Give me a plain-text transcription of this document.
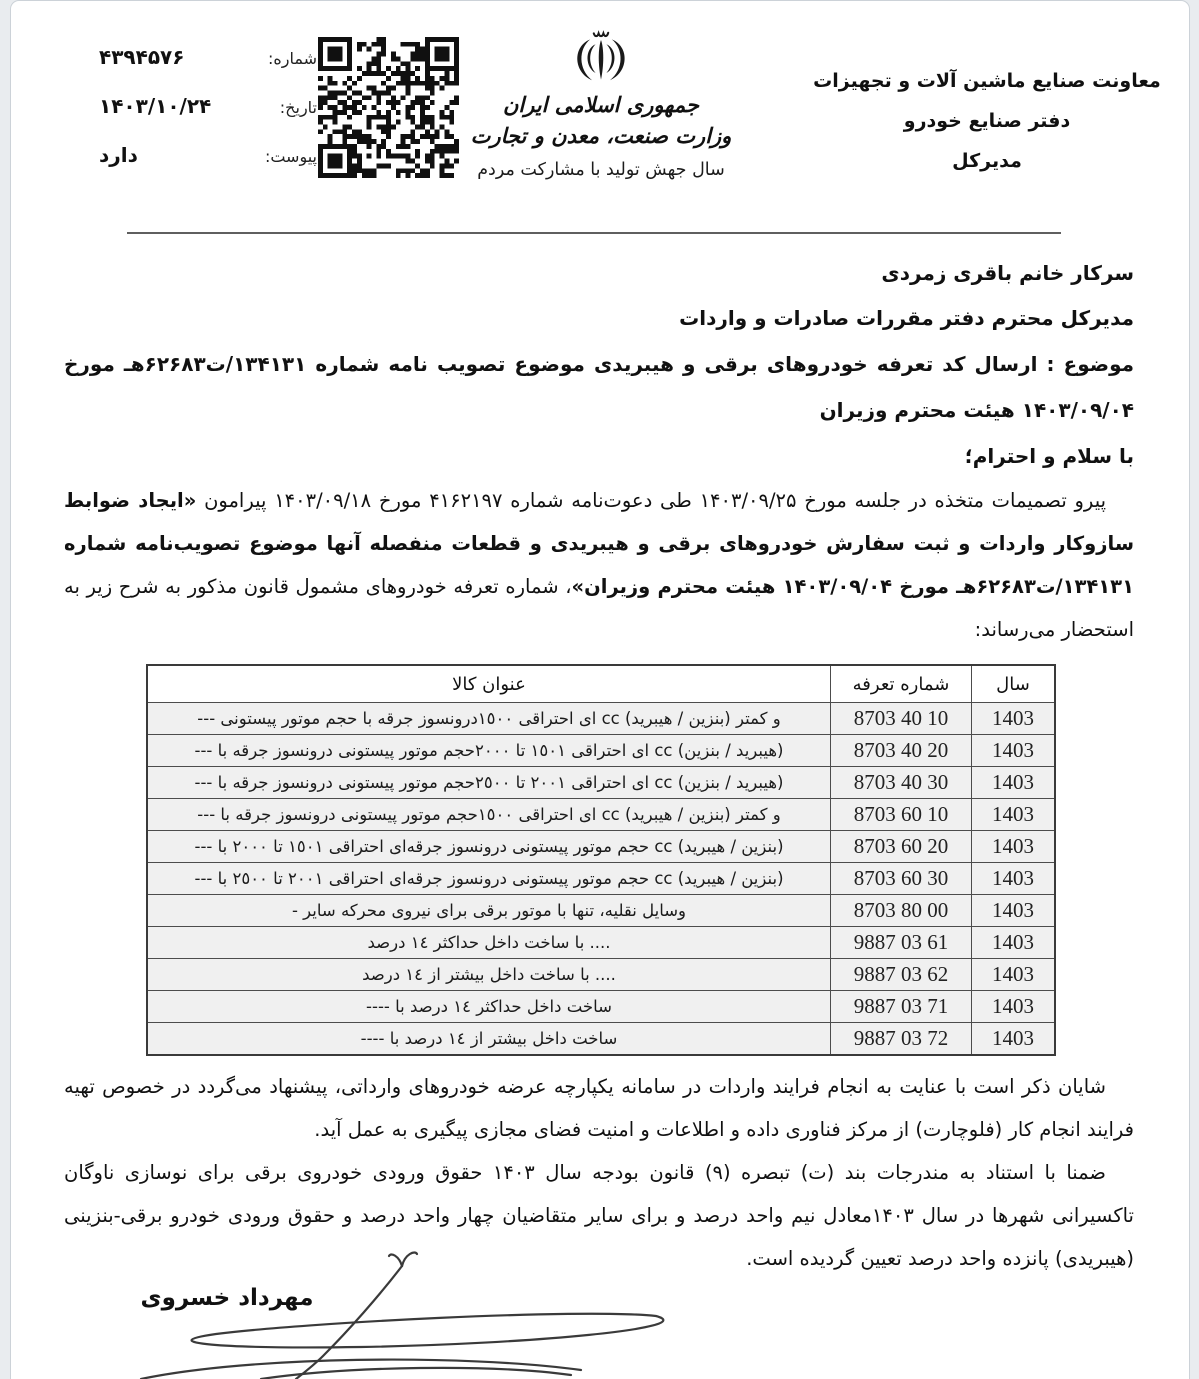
شماره:
۴۳۹۴۵۷۶
تاریخ:
۱۴۰۳/۱۰/۲۴
پیوست:
دارد
جمهوری اسلامی ایران
وزارت صنعت، معدن و تجارت
سال جهش تولید با مشارکت مردم
معاونت صنایع ماشین آلات و تجهیزات
دفتر صنایع خودرو
مدیرکل
سرکار خانم باقری زمردی
مدیرکل محترم دفتر مقررات صادرات و واردات

موضوع : ارسال کد تعرفه خودروهای برقی و هیبریدی موضوع تصویب نامه شماره ۱۳۴۱۳۱/ت۶۲۶۸۳هـ مورخ ۱۴۰۳/۰۹/۰۴ هیئت محترم وزیران

با سلام و احترام؛

پیرو تصمیمات متخذه در جلسه مورخ ۱۴۰۳/۰۹/۲۵ طی دعوت‌نامه شماره ۴۱۶۲۱۹۷ مورخ ۱۴۰۳/۰۹/۱۸ پیرامون «ایجاد ضوابط سازوکار واردات و ثبت سفارش خودروهای برقی و هیبریدی و قطعات منفصله آنها موضوع تصویب‌نامه شماره ۱۳۴۱۳۱/ت۶۲۶۸۳هـ مورخ ۱۴۰۳/۰۹/۰۴ هیئت محترم وزیران»، شماره تعرفه خودروهای مشمول قانون مذکور به شرح زیر به استحضار می‌رساند:

سال	شماره تعرفه	عنوان کالا
1403	8703 40 10	و کمتر (بنزین / هیبرید) cc ای احتراقی ١٥٠٠درونسوز جرقه با حجم موتور پیستونی ---
1403	8703 40 20	(هیبرید / بنزین) cc ای احتراقی ١٥٠١ تا ٢٠٠٠حجم موتور پیستونی درونسوز جرقه با ---
1403	8703 40 30	(هیبرید / بنزین) cc ای احتراقی ٢٠٠١ تا ٢٥٠٠حجم موتور پیستونی درونسوز جرقه با ---
1403	8703 60 10	و کمتر (بنزین / هیبرید) cc ای احتراقی ١٥٠٠حجم موتور پیستونی درونسوز جرقه با ---
1403	8703 60 20	(بنزین / هیبرید) cc حجم موتور پیستونی درونسوز جرقه‌ای احتراقی ١٥٠١ تا ٢٠٠٠ با ---
1403	8703 60 30	(بنزین / هیبرید) cc حجم موتور پیستونی درونسوز جرقه‌ای احتراقی ٢٠٠١ تا ٢٥٠٠ با ---
1403	8703 80 00	وسایل نقلیه، تنها با موتور برقی برای نیروی محرکه سایر -
1403	9887 03 61	.... با ساخت داخل حداکثر ١٤ درصد
1403	9887 03 62	.... با ساخت داخل بیشتر از ١٤ درصد
1403	9887 03 71	ساخت داخل حداکثر ١٤ درصد با ----
1403	9887 03 72	ساخت داخل بیشتر از ١٤ درصد با ----

شایان ذکر است با عنایت به انجام فرایند واردات در سامانه یکپارچه عرضه خودروهای وارداتی، پیشنهاد می‌گردد در خصوص تهیه فرایند انجام کار (فلوچارت) از مرکز فناوری داده و اطلاعات و امنیت فضای مجازی پیگیری به عمل آید.

ضمنا با استناد به مندرجات بند (ت) تبصره (۹) قانون بودجه سال ۱۴۰۳ حقوق ورودی خودروی برقی برای نوسازی ناوگان تاکسیرانی شهرها در سال ۱۴۰۳معادل نیم واحد درصد و برای سایر متقاضیان چهار واحد درصد و حقوق ورودی خودرو برقی-بنزینی (هیبریدی) پانزده واحد درصد تعیین گردیده است.

مهرداد خسروی
